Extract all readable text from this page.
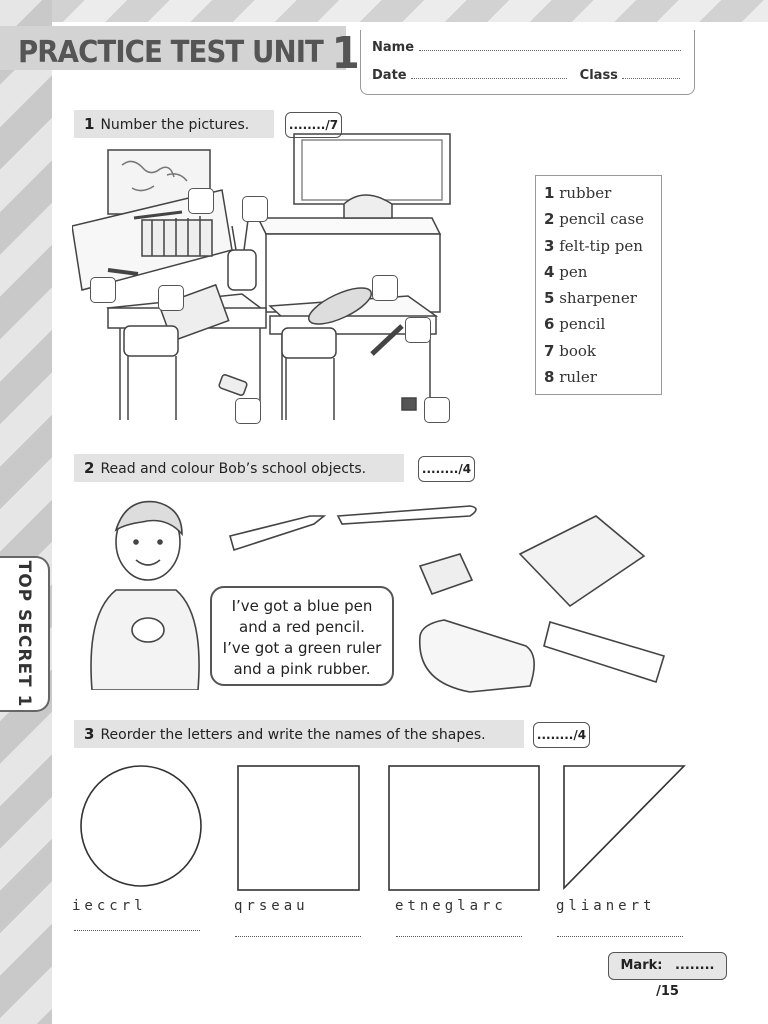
TOP SECRET 1
PRACTICE TEST UNIT 1 Name
Date	Class
1 Number the pictures.	......../7
1 rubber
2 pencil case
3 felt-tip pen
4 pen
5 sharpener
6 pencil
7 book
8 ruler
2 Read and colour Bob’s school objects.	......../4
I’ve got a blue pen
and a red pencil.
I’ve got a green ruler
and a pink rubber.
3 Reorder the letters and write the names of the shapes.	......../4
ieccrl	qrseau	etneglarc	glianert
Mark: ........ /15
